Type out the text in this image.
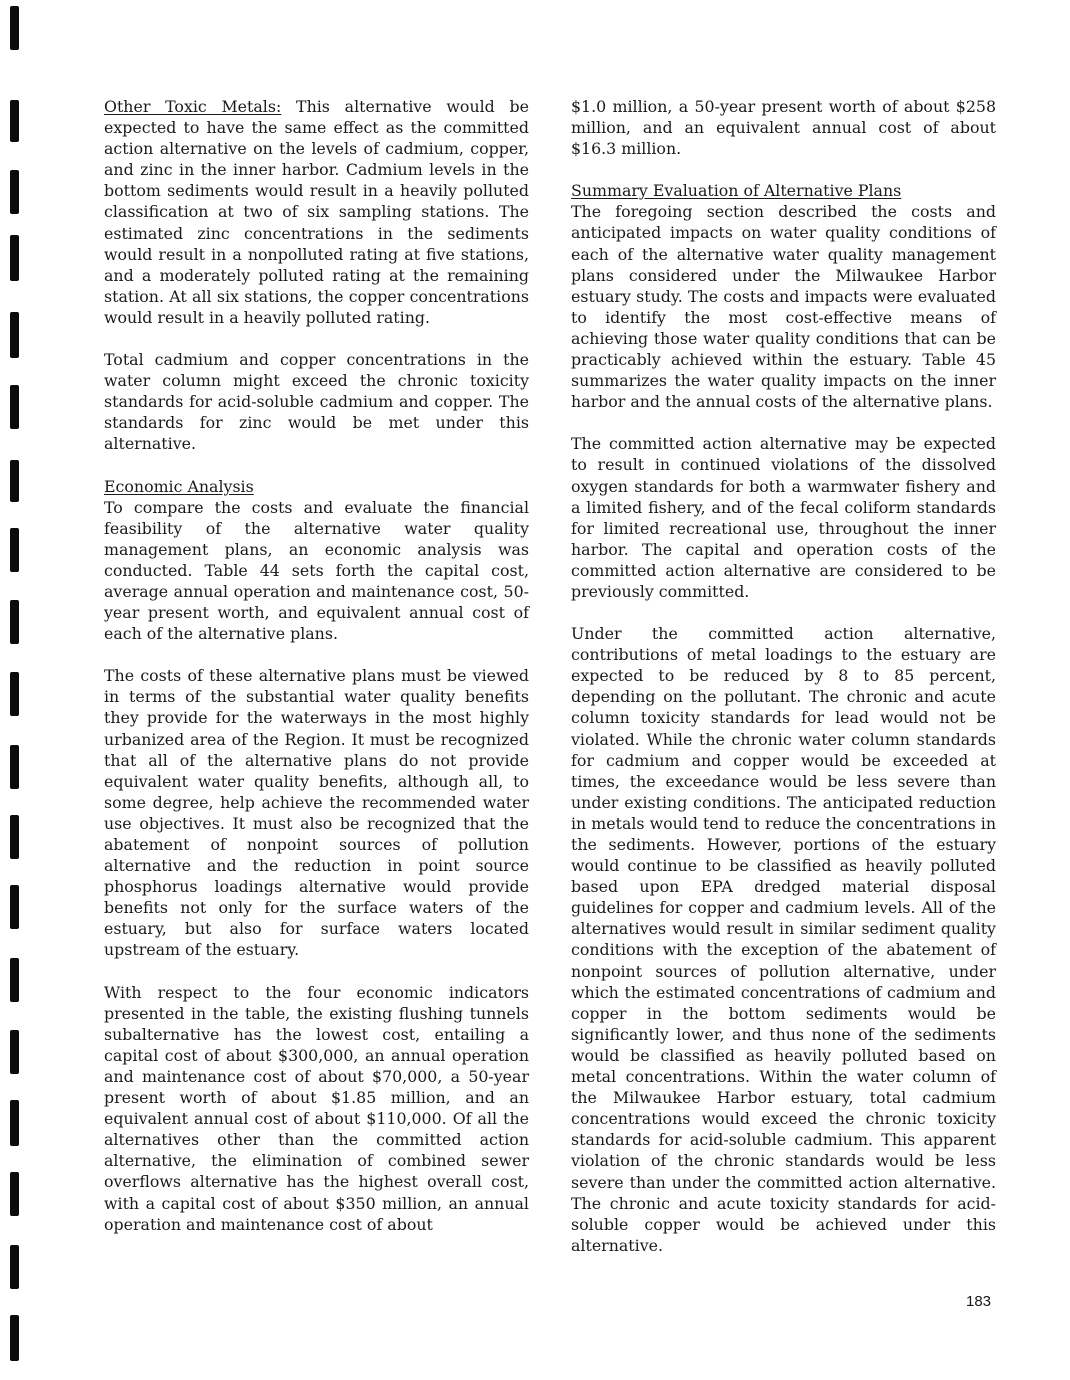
Other Toxic Metals: This alternative would be expected to have the same effect as the committed action alternative on the levels of cadmium, copper, and zinc in the inner harbor. Cadmium levels in the bottom sediments would result in a heavily polluted classification at two of six sampling stations. The estimated zinc concentrations in the sediments would result in a nonpolluted rating at five stations, and a moderately polluted rating at the remaining station. At all six stations, the copper concentrations would result in a heavily polluted rating.

Total cadmium and copper concentrations in the water column might exceed the chronic toxicity standards for acid-soluble cadmium and copper. The standards for zinc would be met under this alternative.

Economic Analysis

To compare the costs and evaluate the financial feasibility of the alternative water quality management plans, an economic analysis was conducted. Table 44 sets forth the capital cost, average annual operation and maintenance cost, 50-year present worth, and equivalent annual cost of each of the alternative plans.

The costs of these alternative plans must be viewed in terms of the substantial water quality benefits they provide for the waterways in the most highly urbanized area of the Region. It must be recognized that all of the alternative plans do not provide equivalent water quality benefits, although all, to some degree, help achieve the recommended water use objectives. It must also be recognized that the abatement of nonpoint sources of pollution alternative and the reduction in point source phosphorus loadings alternative would provide benefits not only for the surface waters of the estuary, but also for surface waters located upstream of the estuary.

With respect to the four economic indicators presented in the table, the existing flushing tunnels subalternative has the lowest cost, entailing a capital cost of about $300,000, an annual operation and maintenance cost of about $70,000, a 50-year present worth of about $1.85 million, and an equivalent annual cost of about $110,000. Of all the alternatives other than the committed action alternative, the elimination of combined sewer overflows alternative has the highest overall cost, with a capital cost of about $350 million, an annual operation and maintenance cost of about

$1.0 million, a 50-year present worth of about $258 million, and an equivalent annual cost of about $16.3 million.

Summary Evaluation of Alternative Plans

The foregoing section described the costs and anticipated impacts on water quality conditions of each of the alternative water quality management plans considered under the Milwaukee Harbor estuary study. The costs and impacts were evaluated to identify the most cost-effective means of achieving those water quality conditions that can be practicably achieved within the estuary. Table 45 summarizes the water quality impacts on the inner harbor and the annual costs of the alternative plans.

The committed action alternative may be expected to result in continued violations of the dissolved oxygen standards for both a warmwater fishery and a limited fishery, and of the fecal coliform standards for limited recreational use, throughout the inner harbor. The capital and operation costs of the committed action alternative are considered to be previously committed.

Under the committed action alternative, contributions of metal loadings to the estuary are expected to be reduced by 8 to 85 percent, depending on the pollutant. The chronic and acute column toxicity standards for lead would not be violated. While the chronic water column standards for cadmium and copper would be exceeded at times, the exceedance would be less severe than under existing conditions. The anticipated reduction in metals would tend to reduce the concentrations in the sediments. However, portions of the estuary would continue to be classified as heavily polluted based upon EPA dredged material disposal guidelines for copper and cadmium levels. All of the alternatives would result in similar sediment quality conditions with the exception of the abatement of nonpoint sources of pollution alternative, under which the estimated concentrations of cadmium and copper in the bottom sediments would be significantly lower, and thus none of the sediments would be classified as heavily polluted based on metal concentrations. Within the water column of the Milwaukee Harbor estuary, total cadmium concentrations would exceed the chronic toxicity standards for acid-soluble cadmium. This apparent violation of the chronic standards would be less severe than under the committed action alternative. The chronic and acute toxicity standards for acid-soluble copper would be achieved under this alternative.

183
